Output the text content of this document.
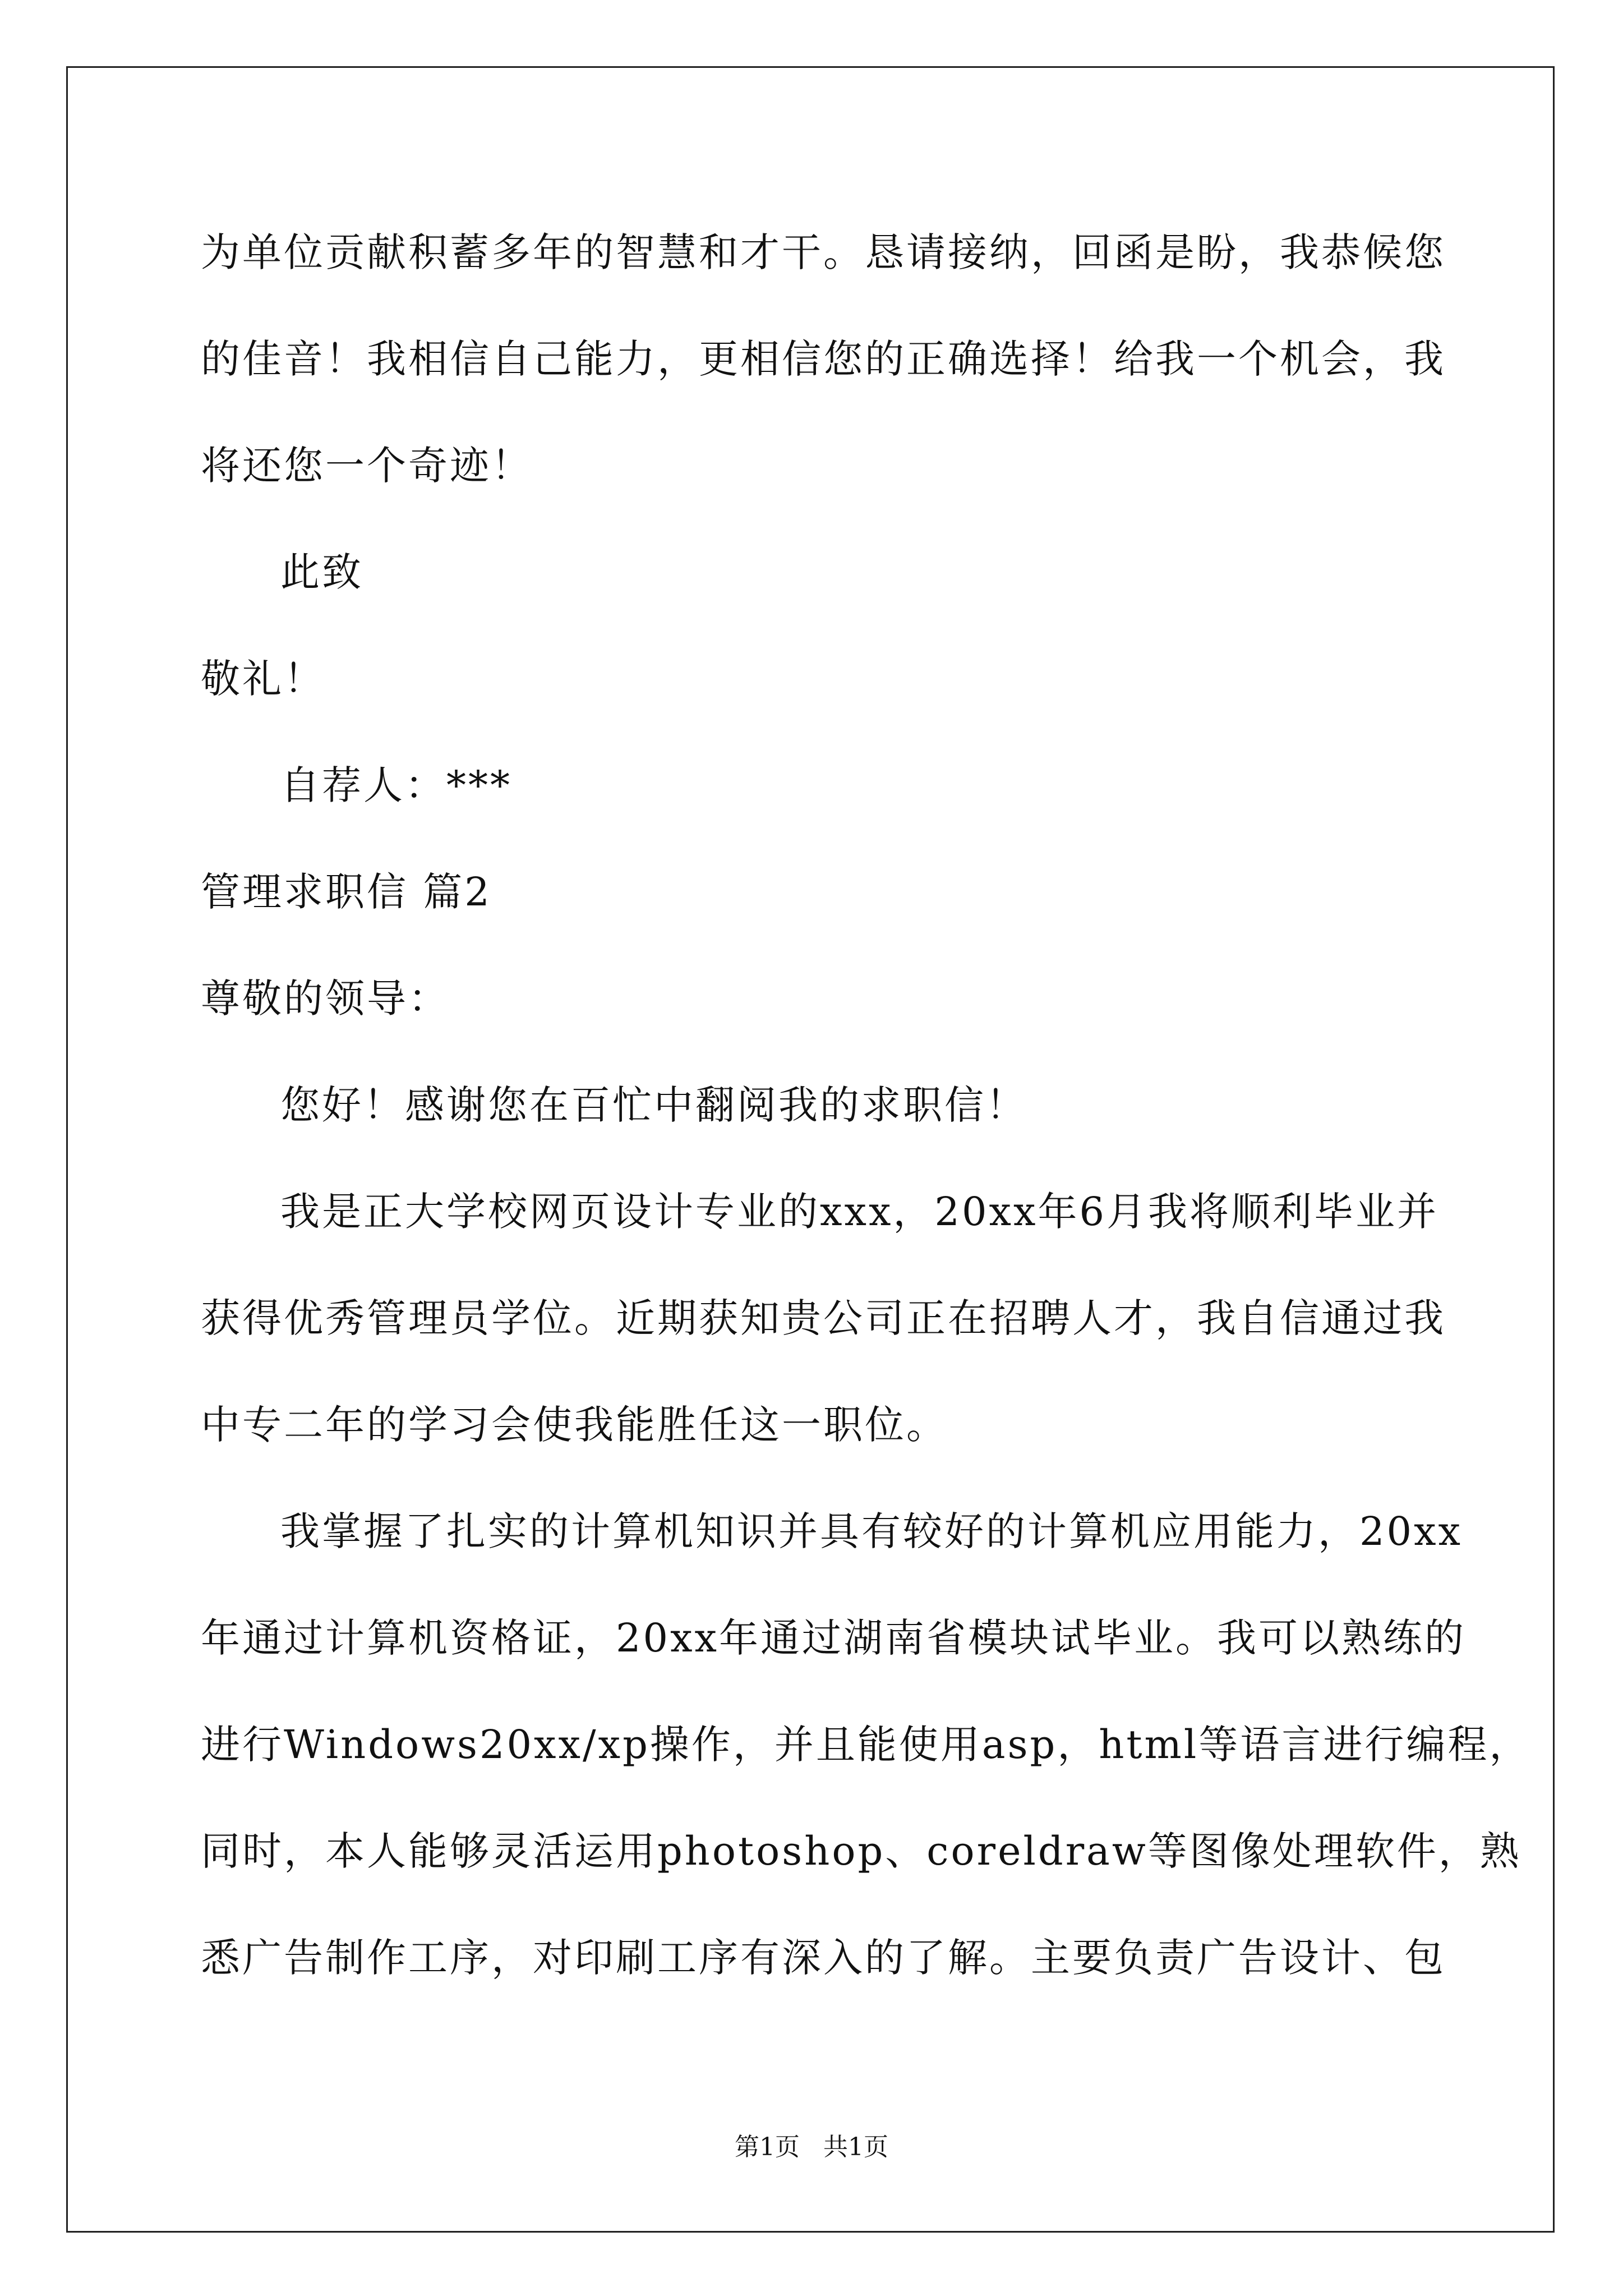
为单位贡献积蓄多年的智慧和才干。恳请接纳，回函是盼，我恭候您
的佳音！我相信自己能力，更相信您的正确选择！给我一个机会，我
将还您一个奇迹！
此致
敬礼！
自荐人：***
管理求职信 篇2
尊敬的领导：
您好！感谢您在百忙中翻阅我的求职信！
我是正大学校网页设计专业的xxx，20xx年6月我将顺利毕业并
获得优秀管理员学位。近期获知贵公司正在招聘人才，我自信通过我
中专二年的学习会使我能胜任这一职位。
我掌握了扎实的计算机知识并具有较好的计算机应用能力，20xx
年通过计算机资格证，20xx年通过湖南省模块试毕业。我可以熟练的
进行Windows20xx/xp操作，并且能使用asp，html等语言进行编程，
同时，本人能够灵活运用photoshop、coreldraw等图像处理软件，熟
悉广告制作工序，对印刷工序有深入的了解。主要负责广告设计、包
第1页 共1页
